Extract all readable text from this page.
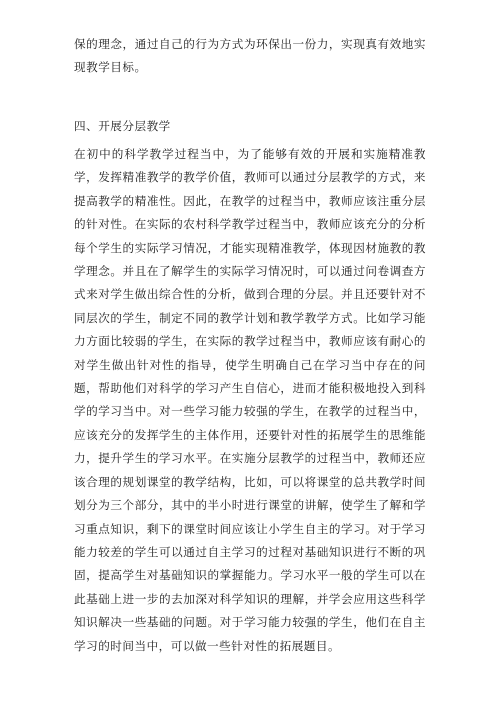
保的理念，通过自己的行为方式为环保出一份力，实现真有效地实现教学目标。

四、开展分层教学

在初中的科学教学过程当中，为了能够有效的开展和实施精准教学，发挥精准教学的教学价值，教师可以通过分层教学的方式，来提高教学的精准性。因此，在教学的过程当中，教师应该注重分层的针对性。在实际的农村科学教学过程当中，教师应该充分的分析每个学生的实际学习情况，才能实现精准教学，体现因材施教的教学理念。并且在了解学生的实际学习情况时，可以通过问卷调查方式来对学生做出综合性的分析，做到合理的分层。并且还要针对不同层次的学生，制定不同的教学计划和教学教学方式。比如学习能力方面比较弱的学生，在实际的教学过程当中，教师应该有耐心的对学生做出针对性的指导，使学生明确自己在学习当中存在的问题，帮助他们对科学的学习产生自信心，进而才能积极地投入到科学的学习当中。对一些学习能力较强的学生，在教学的过程当中，应该充分的发挥学生的主体作用，还要针对性的拓展学生的思维能力，提升学生的学习水平。在实施分层教学的过程当中，教师还应该合理的规划课堂的教学结构，比如，可以将课堂的总共教学时间划分为三个部分，其中的半小时进行课堂的讲解，使学生了解和学习重点知识，剩下的课堂时间应该让小学生自主的学习。对于学习能力较差的学生可以通过自主学习的过程对基础知识进行不断的巩固，提高学生对基础知识的掌握能力。学习水平一般的学生可以在此基础上进一步的去加深对科学知识的理解，并学会应用这些科学知识解决一些基础的问题。对于学习能力较强的学生，他们在自主学习的时间当中，可以做一些针对性的拓展题目。
